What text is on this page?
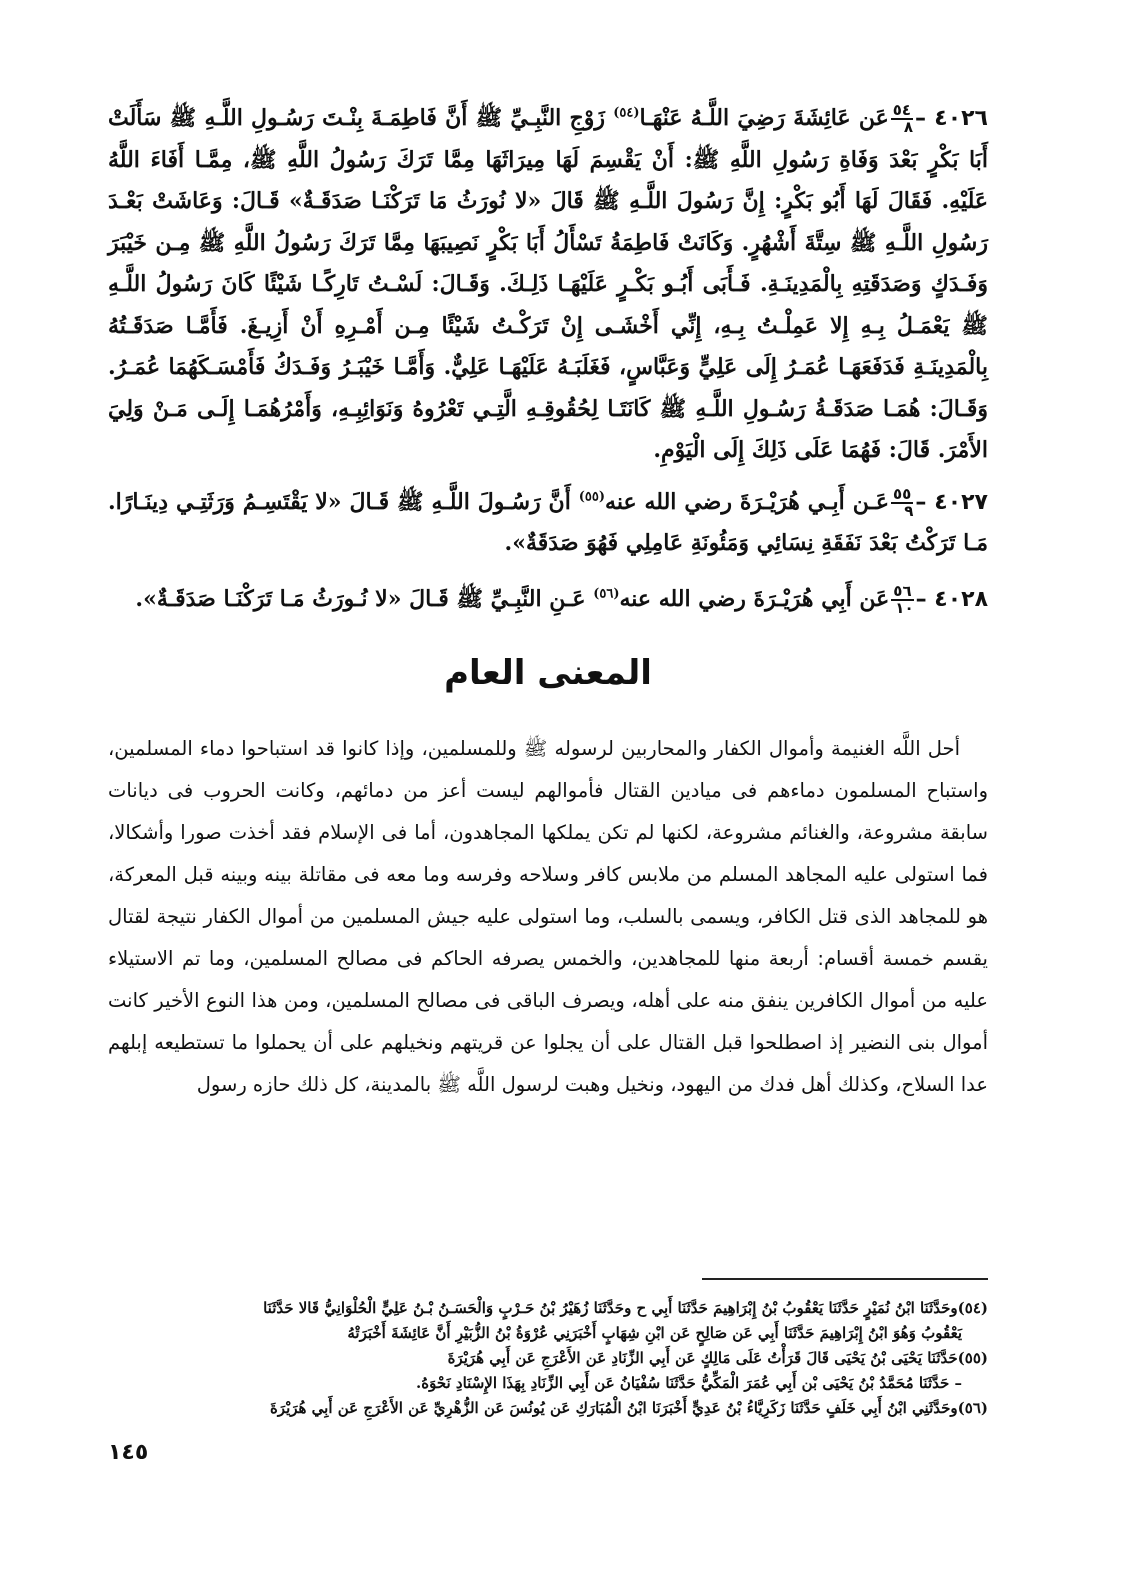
٤٠٢٦ –
$\frac{٥٤}{٨}$
عَن عَائِشَةَ رَضِيَ اللَّـهُ عَنْهَـا$^{(٥٤)}$ زَوْجِ النَّبِـيِّ ﷺ أَنَّ فَاطِمَـةَ بِنْـتَ رَسُـولِ اللَّـهِ ﷺ سَأَلَتْ أَبَا بَكْرٍ بَعْدَ وَفَاةِ رَسُولِ اللَّهِ ﷺ: أَنْ يَقْسِمَ لَهَا مِيرَاثَهَا مِمَّا تَرَكَ رَسُولُ اللَّهِ ﷺ، مِمَّـا أَفَاءَ اللَّهُ عَلَيْهِ. فَقَالَ لَهَا أَبُو بَكْرٍ: إِنَّ رَسُولَ اللَّـهِ ﷺ قَالَ «لا نُورَثُ مَا تَرَكْنَـا صَدَقَـةٌ» قَـالَ: وَعَاشَتْ بَعْـدَ رَسُولِ اللَّـهِ ﷺ سِتَّةَ أَشْهُرٍ. وَكَانَتْ فَاطِمَةُ تَسْأَلُ أَبَا بَكْرٍ نَصِيبَهَا مِمَّا تَرَكَ رَسُولُ اللَّهِ ﷺ مِـن خَيْبَرَ وَفَـدَكٍ وَصَدَقَتِهِ بِالْمَدِينَـةِ. فَـأَبَى أَبُـو بَكْـرٍ عَلَيْهَـا ذَلِـكَ. وَقَـالَ: لَسْـتُ تَارِكًـا شَيْئًا كَانَ رَسُولُ اللَّـهِ ﷺ يَعْمَـلُ بِـهِ إِلا عَمِلْـتُ بِـهِ، إِنِّي أَخْشَـى إِنْ تَرَكْـتُ شَيْئًا مِـن أَمْـرِهِ أَنْ أَزِيـغَ. فَأَمَّـا صَدَقَـتُهُ بِالْمَدِينَـةِ فَدَفَعَهَـا عُمَـرُ إِلَى عَلِيٍّ وَعَبَّاسٍ، فَغَلَبَـهُ عَلَيْهَـا عَلِيٌّ. وَأَمَّـا خَيْبَـرُ وَفَـدَكُ فَأَمْسَـكَهُمَا عُمَـرُ. وَقَـالَ: هُمَـا صَدَقَـةُ رَسُـولِ اللَّـهِ ﷺ كَانَتَـا لِحُقُوقِـهِ الَّتِـي تَعْرُوهُ وَنَوَائِبِـهِ، وَأَمْرُهُمَـا إِلَـى مَـنْ وَلِيَ الأَمْرَ. قَالَ: فَهُمَا عَلَى ذَلِكَ إِلَى الْيَوْمِ.

٤٠٢٧ –
$\frac{٥٥}{٩}$
عَـن أَبِـي هُرَيْـرَةَ رضي الله عنه$^{(٥٥)}$ أَنَّ رَسُـولَ اللَّـهِ ﷺ قَـالَ «لا يَقْتَسِـمُ وَرَثَتِـي دِينَـارًا. مَـا تَرَكْتُ بَعْدَ نَفَقَةِ نِسَائِي وَمَئُونَةِ عَامِلِي فَهُوَ صَدَقَةٌ».

٤٠٢٨ –
$\frac{٥٦}{١٠}$
عَن أَبِي هُرَيْـرَةَ رضي الله عنه$^{(٥٦)}$ عَـنِ النَّبِـيِّ ﷺ قَـالَ «لا نُـورَثُ مَـا تَرَكْنَـا صَدَقَـةٌ».

المعنى العام

أحل اللَّه الغنيمة وأموال الكفار والمحاربين لرسوله ﷺ وللمسلمين، وإذا كانوا قد استباحوا دماء المسلمين، واستباح المسلمون دماءهم فى ميادين القتال فأموالهم ليست أعز من دمائهم، وكانت الحروب فى ديانات سابقة مشروعة، والغنائم مشروعة، لكنها لم تكن يملكها المجاهدون، أما فى الإسلام فقد أخذت صورا وأشكالا، فما استولى عليه المجاهد المسلم من ملابس كافر وسلاحه وفرسه وما معه فى مقاتلة بينه وبينه قبل المعركة، هو للمجاهد الذى قتل الكافر، ويسمى بالسلب، وما استولى عليه جيش المسلمين من أموال الكفار نتيجة لقتال يقسم خمسة أقسام: أربعة منها للمجاهدين، والخمس يصرفه الحاكم فى مصالح المسلمين، وما تم الاستيلاء عليه من أموال الكافرين ينفق منه على أهله، ويصرف الباقى فى مصالح المسلمين، ومن هذا النوع الأخير كانت أموال بنى النضير إذ اصطلحوا قبل القتال على أن يجلوا عن قريتهم ونخيلهم على أن يحملوا ما تستطيعه إبلهم عدا السلاح، وكذلك أهل فدك من اليهود، ونخيل وهبت لرسول اللَّه ﷺ بالمدينة، كل ذلك حازه رسول

(٥٤)وحَدَّثَنَا ابْنُ نُمَيْرٍ حَدَّثَنَا يَعْقُوبُ بْنُ إِبْرَاهِيمَ حَدَّثَنَا أَبِي ح وحَدَّثَنَا زُهَيْرُ بْنُ حَـرْبٍ وَالْحَسَـنُ بْـنُ عَلِيٍّ الْحُلْوَانِيُّ قَالا حَدَّثَنَا
يَعْقُوبُ وَهُوَ ابْنُ إِبْرَاهِيمَ حَدَّثَنَا أَبِي عَن صَالِحٍ عَن ابْنِ شِهَابٍ أَخْبَرَنِي عُرْوَةُ بْنُ الزُّبَيْرِ أَنَّ عَائِشَةَ أَخْبَرَتْهُ

(٥٥)حَدَّثَنَا يَحْيَى بْنُ يَحْيَى قَالَ قَرَأْتُ عَلَى مَالِكٍ عَن أَبِي الزِّنَادِ عَن الأَعْرَجِ عَن أَبِي هُرَيْرَةَ
– حَدَّثَنَا مُحَمَّدُ بْنُ يَحْيَى بْن أَبِي عُمَرَ الْمَكِّيُّ حَدَّثَنَا سُفْيَانُ عَن أَبِي الزِّنَادِ بِهَذَا الإِسْنَادِ نَحْوَهُ.

(٥٦)وحَدَّثَنِي ابْنُ أَبِي خَلَفٍ حَدَّثَنَا زَكَرِيَّاءُ بْنُ عَدِيٍّ أَخْبَرَنَا ابْنُ الْمُبَارَكِ عَن يُونُسَ عَن الزُّهْرِيِّ عَن الأَعْرَجِ عَن أَبِي هُرَيْرَةَ

١٤٥
